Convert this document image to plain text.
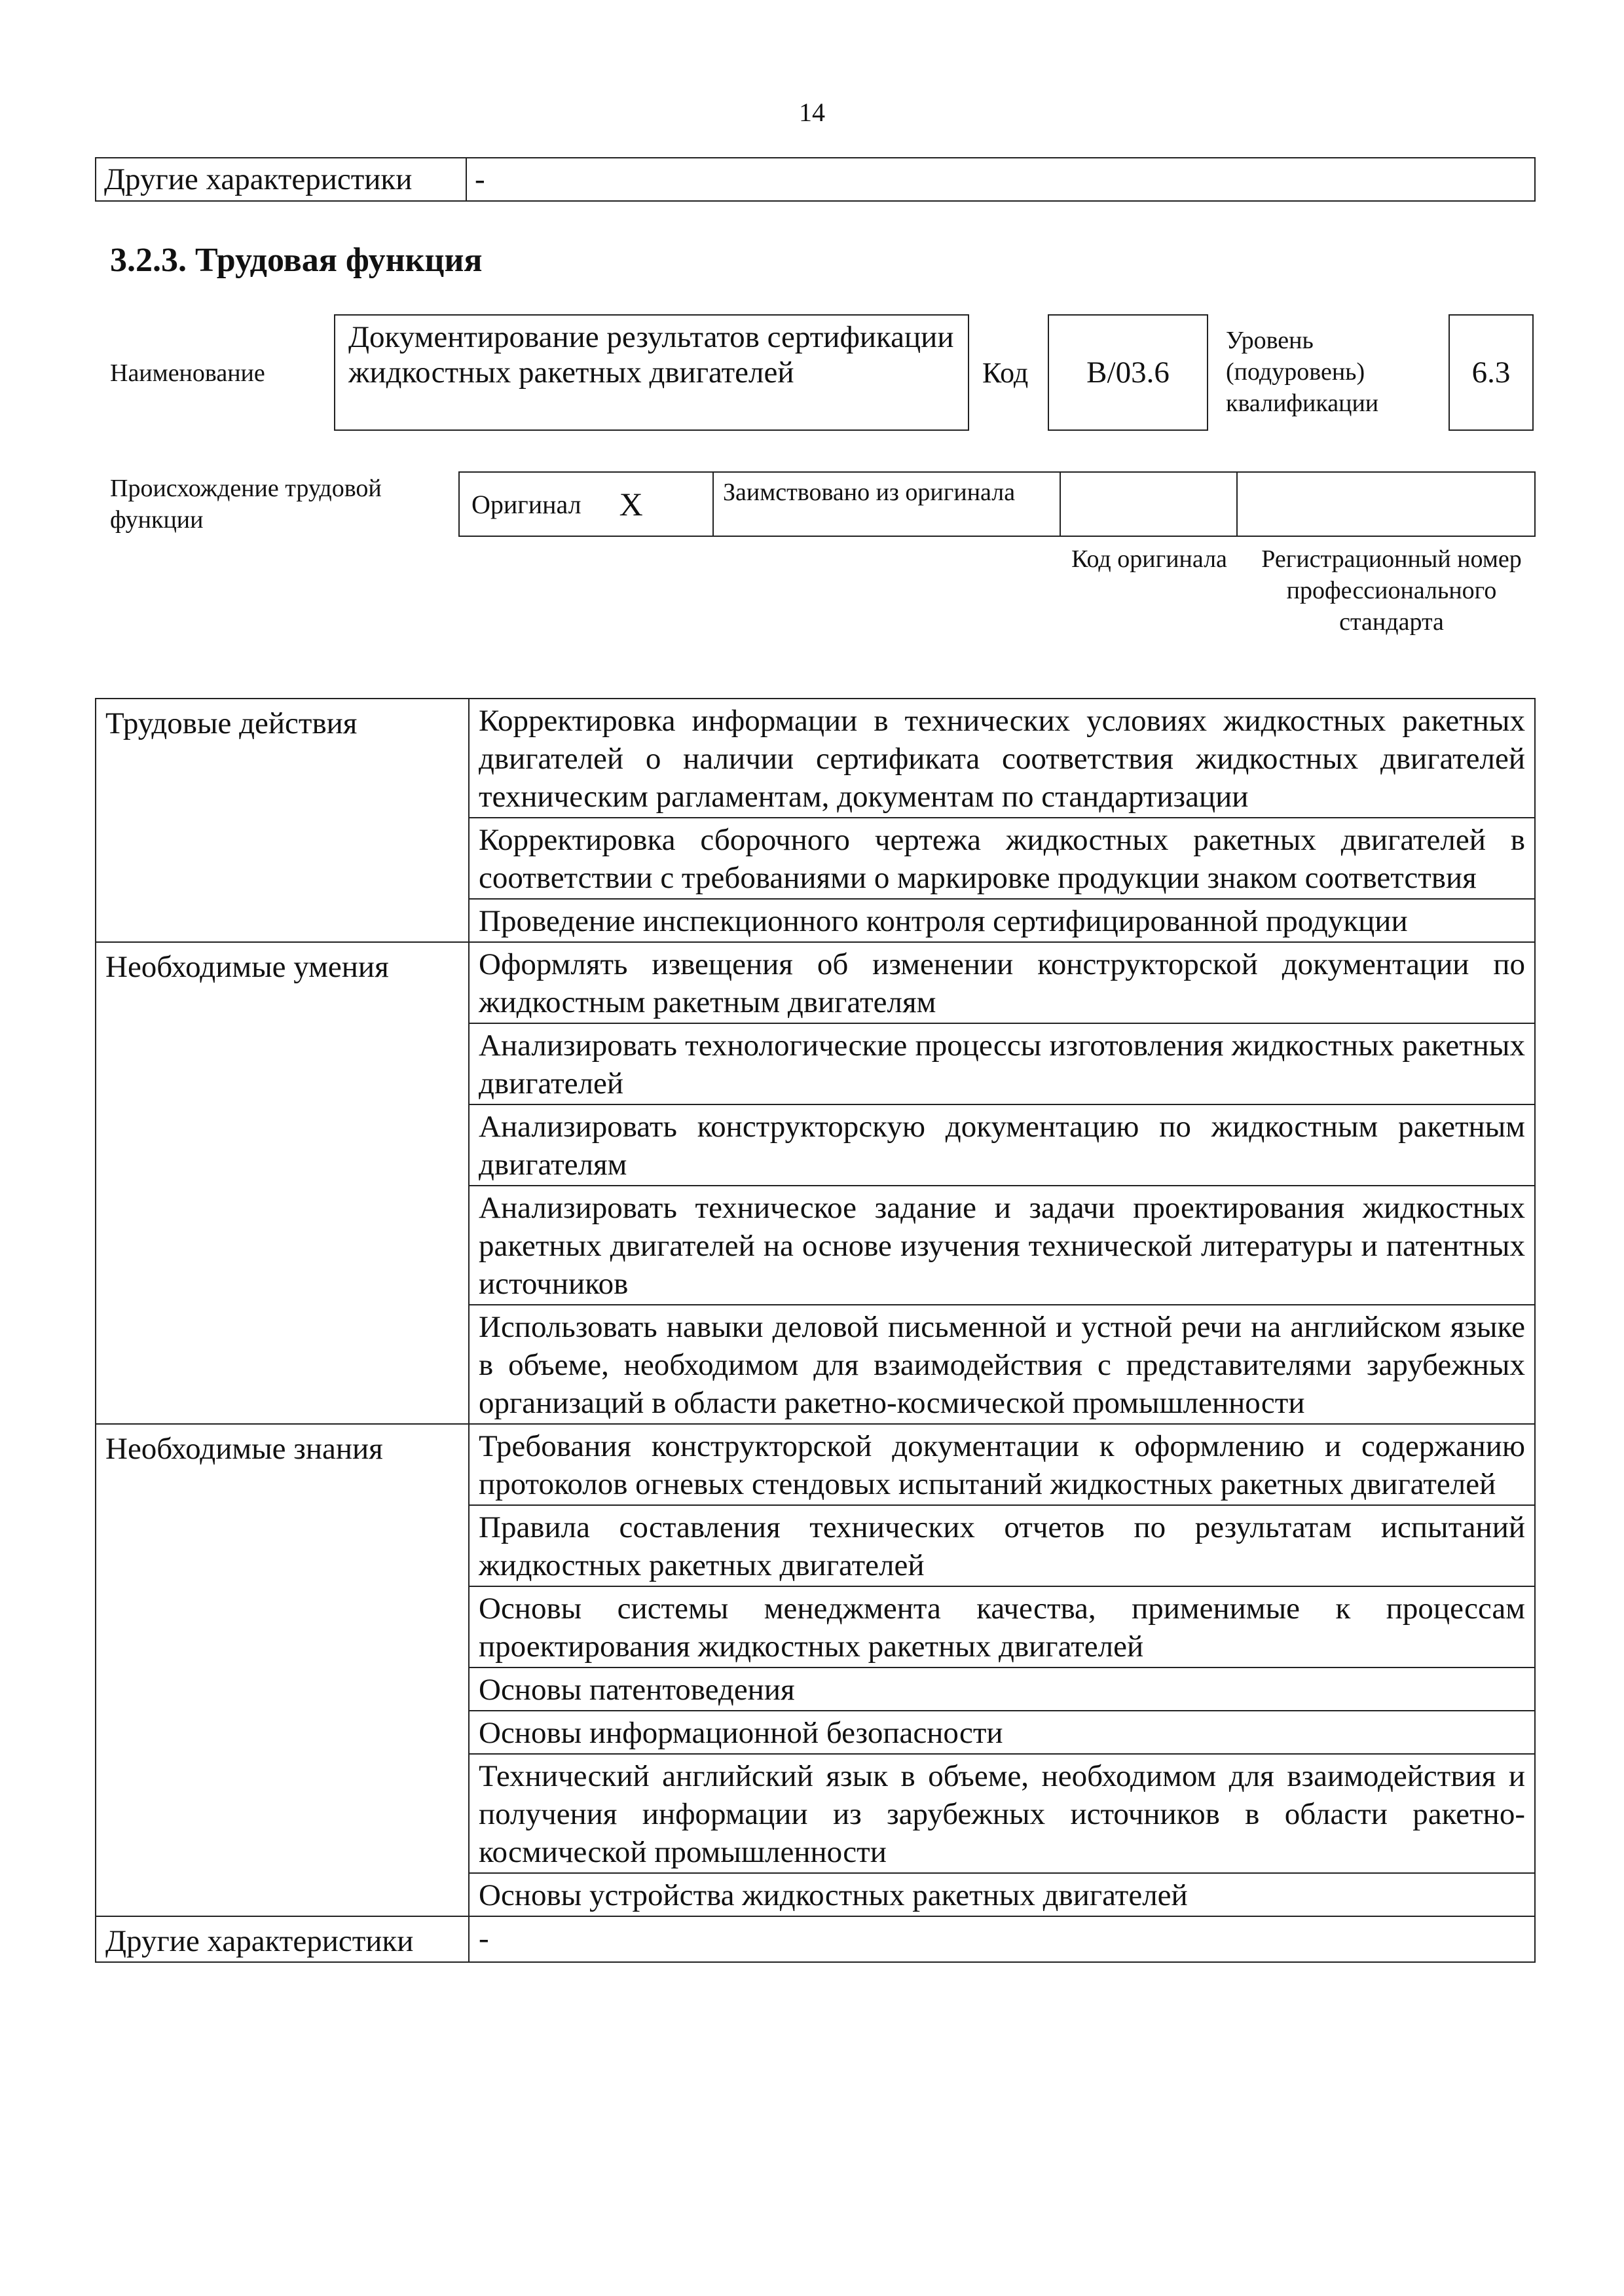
14
Другие характеристики	-
3.2.3. Трудовая функция
Наименование
Документирование результатов сертификации жидкостных ракетных двигателей	Код B/03.6
Уровень (подуровень) квалификации
6.3
Происхождение трудовой функции
Оригинал X	Заимствовано из оригинала
Код оригинала	Регистрационный номер профессионального стандарта
Трудовые действия	Корректировка информации в технических условиях жидкостных ракетных двигателей о наличии сертификата соответствия жидкостных двигателей техническим рагламентам, документам по стандартизации
	Корректировка сборочного чертежа жидкостных ракетных двигателей в соответствии с требованиями о маркировке продукции знаком соответствия
	Проведение инспекционного контроля сертифицированной продукции
Необходимые умения	Оформлять извещения об изменении конструкторской документации по жидкостным ракетным двигателям
	Анализировать технологические процессы изготовления жидкостных ракетных двигателей
	Анализировать конструкторскую документацию по жидкостным ракетным двигателям
	Анализировать техническое задание и задачи проектирования жидкостных ракетных двигателей на основе изучения технической литературы и патентных источников
	Использовать навыки деловой письменной и устной речи на английском языке в объеме, необходимом для взаимодействия с представителями зарубежных организаций в области ракетно-космической промышленности
Необходимые знания	Требования конструкторской документации к оформлению и содержанию протоколов огневых стендовых испытаний жидкостных ракетных двигателей
	Правила составления технических отчетов по результатам испытаний жидкостных ракетных двигателей
	Основы системы менеджмента качества, применимые к процессам проектирования жидкостных ракетных двигателей
	Основы патентоведения
	Основы информационной безопасности
	Технический английский язык в объеме, необходимом для взаимодействия и получения информации из зарубежных источников в области ракетно-космической промышленности
	Основы устройства жидкостных ракетных двигателей
Другие характеристики	-
